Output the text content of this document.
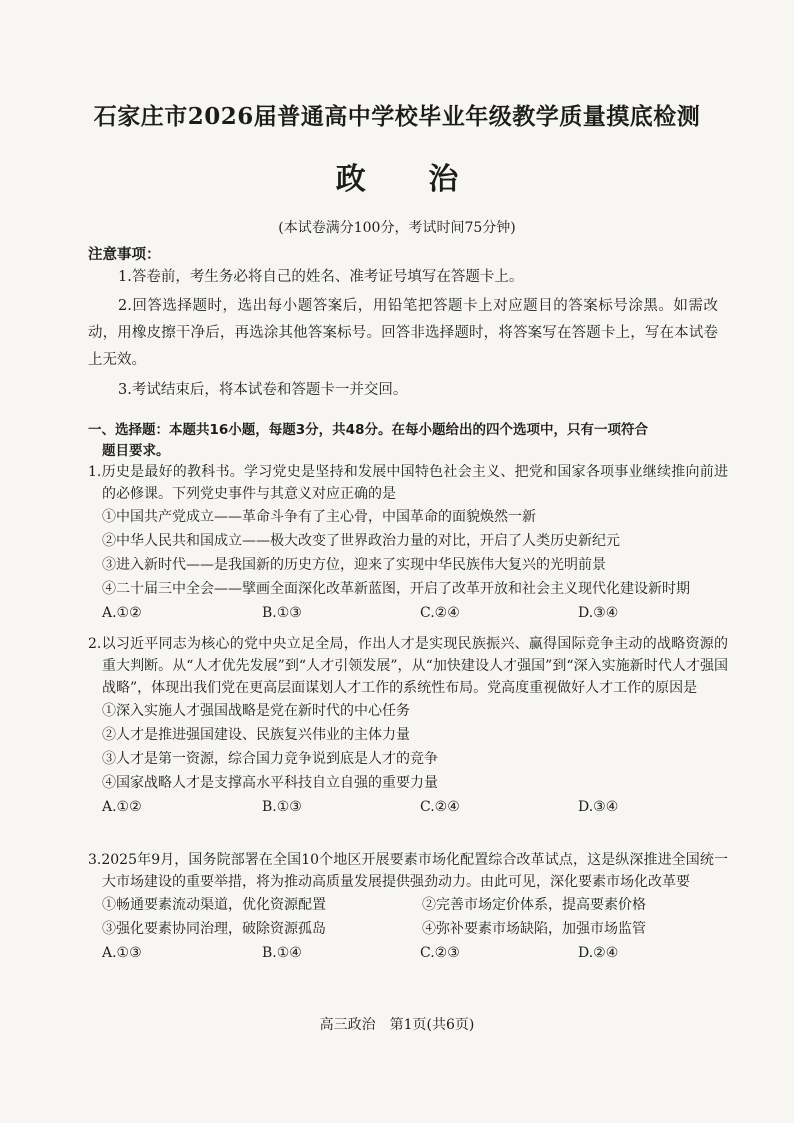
石家庄市2026届普通高中学校毕业年级教学质量摸底检测
政 治
(本试卷满分100分，考试时间75分钟)
注意事项：
1.答卷前，考生务必将自己的姓名、准考证号填写在答题卡上。
2.回答选择题时，选出每小题答案后，用铅笔把答题卡上对应题目的答案标号涂黑。如需改动，用橡皮擦干净后，再选涂其他答案标号。回答非选择题时，将答案写在答题卡上，写在本试卷上无效。
3.考试结束后，将本试卷和答题卡一并交回。
一、选择题：本题共16小题，每题3分，共48分。在每小题给出的四个选项中，只有一项符合
题目要求。
1.历史是最好的教科书。学习党史是坚持和发展中国特色社会主义、把党和国家各项事业继续推向前进的必修课。下列党史事件与其意义对应正确的是
①中国共产党成立——革命斗争有了主心骨，中国革命的面貌焕然一新
②中华人民共和国成立——极大改变了世界政治力量的对比，开启了人类历史新纪元
③进入新时代——是我国新的历史方位，迎来了实现中华民族伟大复兴的光明前景
④二十届三中全会——擘画全面深化改革新蓝图，开启了改革开放和社会主义现代化建设新时期
A.①②	B.①③	C.②④	D.③④
2.以习近平同志为核心的党中央立足全局，作出人才是实现民族振兴、赢得国际竞争主动的战略资源的重大判断。从“人才优先发展”到“人才引领发展”，从“加快建设人才强国”到“深入实施新时代人才强国战略”，体现出我们党在更高层面谋划人才工作的系统性布局。党高度重视做好人才工作的原因是
①深入实施人才强国战略是党在新时代的中心任务
②人才是推进强国建设、民族复兴伟业的主体力量
③人才是第一资源，综合国力竞争说到底是人才的竞争
④国家战略人才是支撑高水平科技自立自强的重要力量
A.①②	B.①③	C.②④	D.③④
3.2025年9月，国务院部署在全国10个地区开展要素市场化配置综合改革试点，这是纵深推进全国统一大市场建设的重要举措，将为推动高质量发展提供强劲动力。由此可见，深化要素市场化改革要
①畅通要素流动渠道，优化资源配置	②完善市场定价体系，提高要素价格
③强化要素协同治理，破除资源孤岛	④弥补要素市场缺陷，加强市场监管
A.①③	B.①④	C.②③	D.②④
高三政治　第1页(共6页)
